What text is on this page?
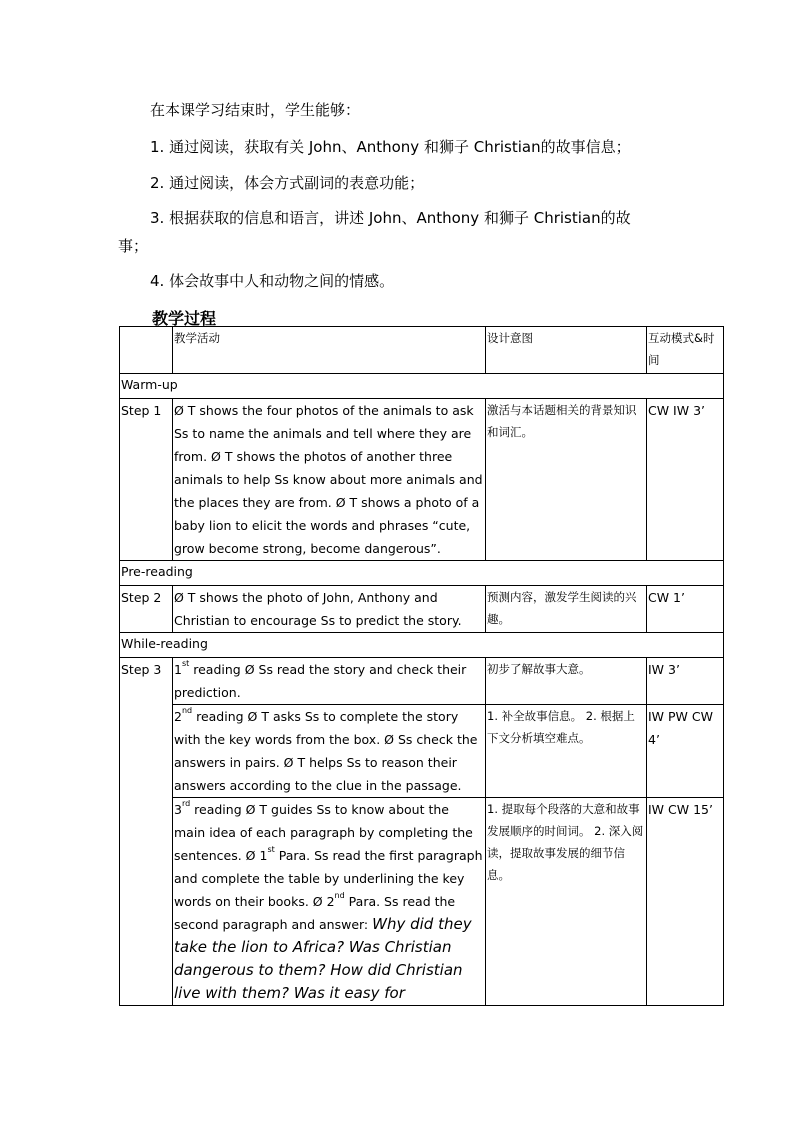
在本课学习结束时，学生能够：
1. 通过阅读，获取有关 John、Anthony 和狮子 Christian的故事信息；
2. 通过阅读，体会方式副词的表意功能；
3. 根据获取的信息和语言，讲述 John、Anthony 和狮子 Christian的故
事；
4. 体会故事中人和动物之间的情感。
教学过程
	教学活动	设计意图	互动模式&时间
Warm-up			
Step 1	Ø T shows the four photos of the animals to ask Ss to name the animals and tell where they are from. Ø T shows the photos of another three animals to help Ss know about more animals and the places they are from. Ø T shows a photo of a baby lion to elicit the words and phrases “cute, grow become strong, become dangerous”.	激活与本话题相关的背景知识和词汇。	CW IW 3’
Pre-reading			
Step 2	Ø T shows the photo of John, Anthony and Christian to encourage Ss to predict the story.	预测内容，激发学生阅读的兴趣。	CW 1’
While-reading			
Step 3	1st reading Ø Ss read the story and check their prediction.	初步了解故事大意。	IW 3’
	2nd reading Ø T asks Ss to complete the story with the key words from the box. Ø Ss check the answers in pairs. Ø T helps Ss to reason their answers according to the clue in the passage.	1. 补全故事信息。 2. 根据上下文分析填空难点。	IW PW CW 4’
	3rd reading Ø T guides Ss to know about the main idea of each paragraph by completing the sentences. Ø 1st Para. Ss read the first paragraph and complete the table by underlining the key words on their books. Ø 2nd Para. Ss read the second paragraph and answer: Why did they take the lion to Africa? Was Christian dangerous to them? How did Christian live with them? Was it easy for	1. 提取每个段落的大意和故事发展顺序的时间词。 2. 深入阅读，提取故事发展的细节信息。	IW CW 15’
